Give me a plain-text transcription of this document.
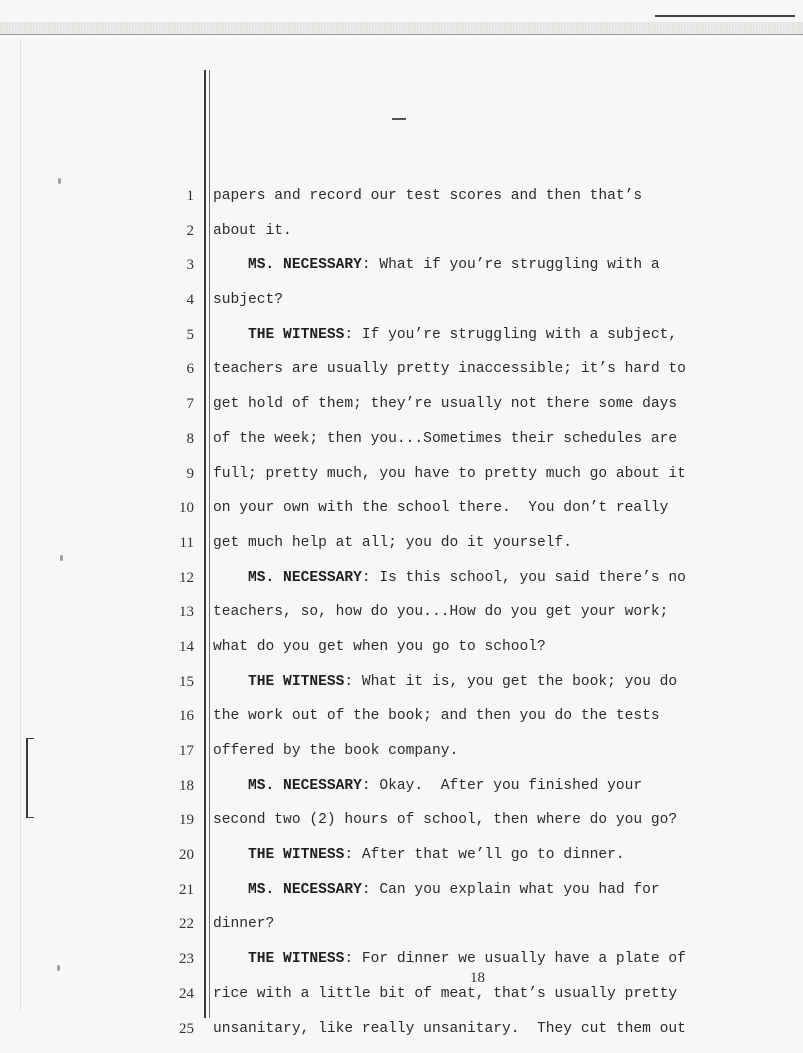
1 papers and record our test scores and then that’s
2 about it.
3 MS. NECESSARY: What if you’re struggling with a
4 subject?
5 THE WITNESS: If you’re struggling with a subject,
6 teachers are usually pretty inaccessible; it’s hard to
7 get hold of them; they’re usually not there some days
8 of the week; then you...Sometimes their schedules are
9 full; pretty much, you have to pretty much go about it
10 on your own with the school there.  You don’t really
11 get much help at all; you do it yourself.
12 MS. NECESSARY: Is this school, you said there’s no
13 teachers, so, how do you...How do you get your work;
14 what do you get when you go to school?
15 THE WITNESS: What it is, you get the book; you do
16 the work out of the book; and then you do the tests
17 offered by the book company.
18 MS. NECESSARY: Okay.  After you finished your
19 second two (2) hours of school, then where do you go?
20 THE WITNESS: After that we’ll go to dinner.
21 MS. NECESSARY: Can you explain what you had for
22 dinner?
23 THE WITNESS: For dinner we usually have a plate of
24 rice with a little bit of meat, that’s usually pretty
25 unsanitary, like really unsanitary.  They cut them out
18
